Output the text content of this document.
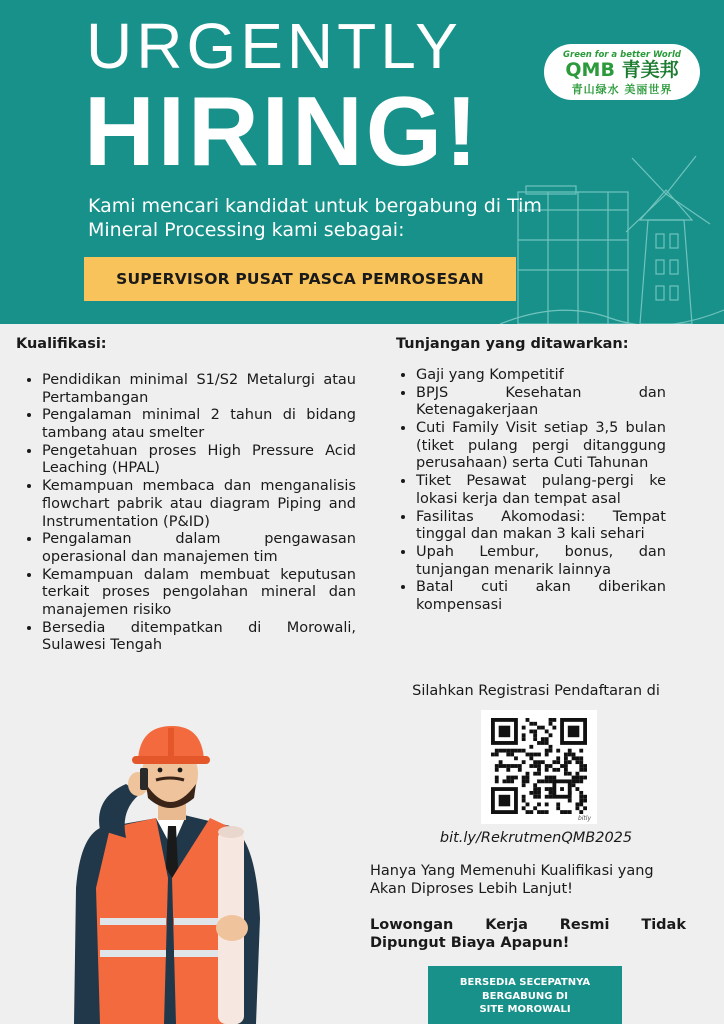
URGENTLY
HIRING!
Kami mencari kandidat untuk bergabung di Tim Mineral Processing kami sebagai:
SUPERVISOR PUSAT PASCA PEMROSESAN
Green for a better World
QMB 青美邦
青山绿水 美丽世界
Kualifikasi:
• Pendidikan minimal S1/S2 Metalurgi atau Pertambangan
• Pengalaman minimal 2 tahun di bidang tambang atau smelter
• Pengetahuan proses High Pressure Acid Leaching (HPAL)
• Kemampuan membaca dan menganalisis flowchart pabrik atau diagram Piping and Instrumentation (P&ID)
• Pengalaman dalam pengawasan operasional dan manajemen tim
• Kemampuan dalam membuat keputusan terkait proses pengolahan mineral dan manajemen risiko
• Bersedia ditempatkan di Morowali, Sulawesi Tengah
Tunjangan yang ditawarkan:
• Gaji yang Kompetitif
• BPJS Kesehatan dan Ketenagakerjaan
• Cuti Family Visit setiap 3,5 bulan (tiket pulang pergi ditanggung perusahaan) serta Cuti Tahunan
• Tiket Pesawat pulang-pergi ke lokasi kerja dan tempat asal
• Fasilitas Akomodasi: Tempat tinggal dan makan 3 kali sehari
• Upah Lembur, bonus, dan tunjangan menarik lainnya
• Batal cuti akan diberikan kompensasi
Silahkan Registrasi Pendaftaran di
bitly
bit.ly/RekrutmenQMB2025
Hanya Yang Memenuhi Kualifikasi yang Akan Diproses Lebih Lanjut!
Lowongan Kerja Resmi Tidak Dipungut Biaya Apapun!
BERSEDIA SECEPATNYA
BERGABUNG DI
SITE MOROWALI
